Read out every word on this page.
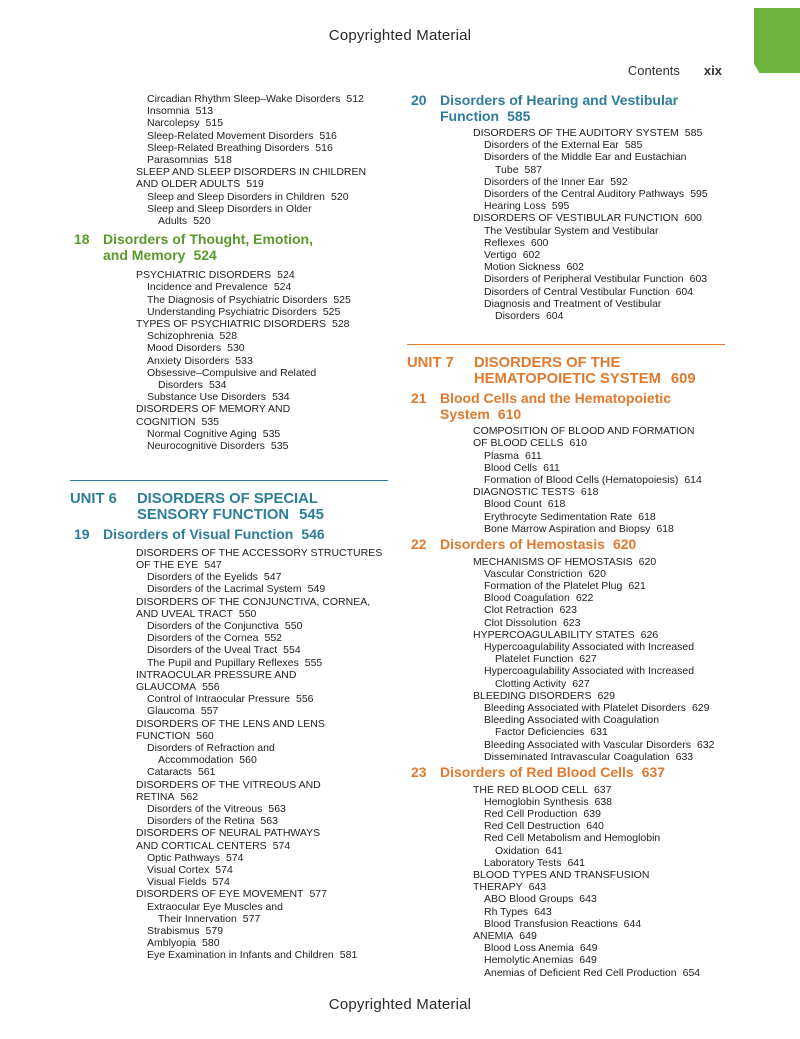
Copyrighted Material
Contents xix
Circadian Rhythm Sleep–Wake Disorders 512
Insomnia 513
Narcolepsy 515
Sleep-Related Movement Disorders 516
Sleep-Related Breathing Disorders 516
Parasomnias 518
SLEEP AND SLEEP DISORDERS IN CHILDREN
AND OLDER ADULTS 519
Sleep and Sleep Disorders in Children 520
Sleep and Sleep Disorders in Older
Adults 520
18 Disorders of Thought, Emotion,
and Memory 524
PSYCHIATRIC DISORDERS 524
Incidence and Prevalence 524
The Diagnosis of Psychiatric Disorders 525
Understanding Psychiatric Disorders 525
TYPES OF PSYCHIATRIC DISORDERS 528
Schizophrenia 528
Mood Disorders 530
Anxiety Disorders 533
Obsessive–Compulsive and Related
Disorders 534
Substance Use Disorders 534
DISORDERS OF MEMORY AND
COGNITION 535
Normal Cognitive Aging 535
Neurocognitive Disorders 535
UNIT 6 DISORDERS OF SPECIAL
SENSORY FUNCTION 545
19 Disorders of Visual Function 546
DISORDERS OF THE ACCESSORY STRUCTURES
OF THE EYE 547
Disorders of the Eyelids 547
Disorders of the Lacrimal System 549
DISORDERS OF THE CONJUNCTIVA, CORNEA,
AND UVEAL TRACT 550
Disorders of the Conjunctiva 550
Disorders of the Cornea 552
Disorders of the Uveal Tract 554
The Pupil and Pupillary Reflexes 555
INTRAOCULAR PRESSURE AND
GLAUCOMA 556
Control of Intraocular Pressure 556
Glaucoma 557
DISORDERS OF THE LENS AND LENS
FUNCTION 560
Disorders of Refraction and
Accommodation 560
Cataracts 561
DISORDERS OF THE VITREOUS AND
RETINA 562
Disorders of the Vitreous 563
Disorders of the Retina 563
DISORDERS OF NEURAL PATHWAYS
AND CORTICAL CENTERS 574
Optic Pathways 574
Visual Cortex 574
Visual Fields 574
DISORDERS OF EYE MOVEMENT 577
Extraocular Eye Muscles and
Their Innervation 577
Strabismus 579
Amblyopia 580
Eye Examination in Infants and Children 581
20 Disorders of Hearing and Vestibular
Function 585
DISORDERS OF THE AUDITORY SYSTEM 585
Disorders of the External Ear 585
Disorders of the Middle Ear and Eustachian
Tube 587
Disorders of the Inner Ear 592
Disorders of the Central Auditory Pathways 595
Hearing Loss 595
DISORDERS OF VESTIBULAR FUNCTION 600
The Vestibular System and Vestibular Reflexes 600
Vertigo 602
Motion Sickness 602
Disorders of Peripheral Vestibular Function 603
Disorders of Central Vestibular Function 604
Diagnosis and Treatment of Vestibular
Disorders 604
UNIT 7 DISORDERS OF THE
HEMATOPOIETIC SYSTEM 609
21 Blood Cells and the Hematopoietic
System 610
COMPOSITION OF BLOOD AND FORMATION
OF BLOOD CELLS 610
Plasma 611
Blood Cells 611
Formation of Blood Cells (Hematopoiesis) 614
DIAGNOSTIC TESTS 618
Blood Count 618
Erythrocyte Sedimentation Rate 618
Bone Marrow Aspiration and Biopsy 618
22 Disorders of Hemostasis 620
MECHANISMS OF HEMOSTASIS 620
Vascular Constriction 620
Formation of the Platelet Plug 621
Blood Coagulation 622
Clot Retraction 623
Clot Dissolution 623
HYPERCOAGULABILITY STATES 626
Hypercoagulability Associated with Increased
Platelet Function 627
Hypercoagulability Associated with Increased
Clotting Activity 627
BLEEDING DISORDERS 629
Bleeding Associated with Platelet Disorders 629
Bleeding Associated with Coagulation
Factor Deficiencies 631
Bleeding Associated with Vascular Disorders 632
Disseminated Intravascular Coagulation 633
23 Disorders of Red Blood Cells 637
THE RED BLOOD CELL 637
Hemoglobin Synthesis 638
Red Cell Production 639
Red Cell Destruction 640
Red Cell Metabolism and Hemoglobin
Oxidation 641
Laboratory Tests 641
BLOOD TYPES AND TRANSFUSION
THERAPY 643
ABO Blood Groups 643
Rh Types 643
Blood Transfusion Reactions 644
ANEMIA 649
Blood Loss Anemia 649
Hemolytic Anemias 649
Anemias of Deficient Red Cell Production 654
Copyrighted Material
